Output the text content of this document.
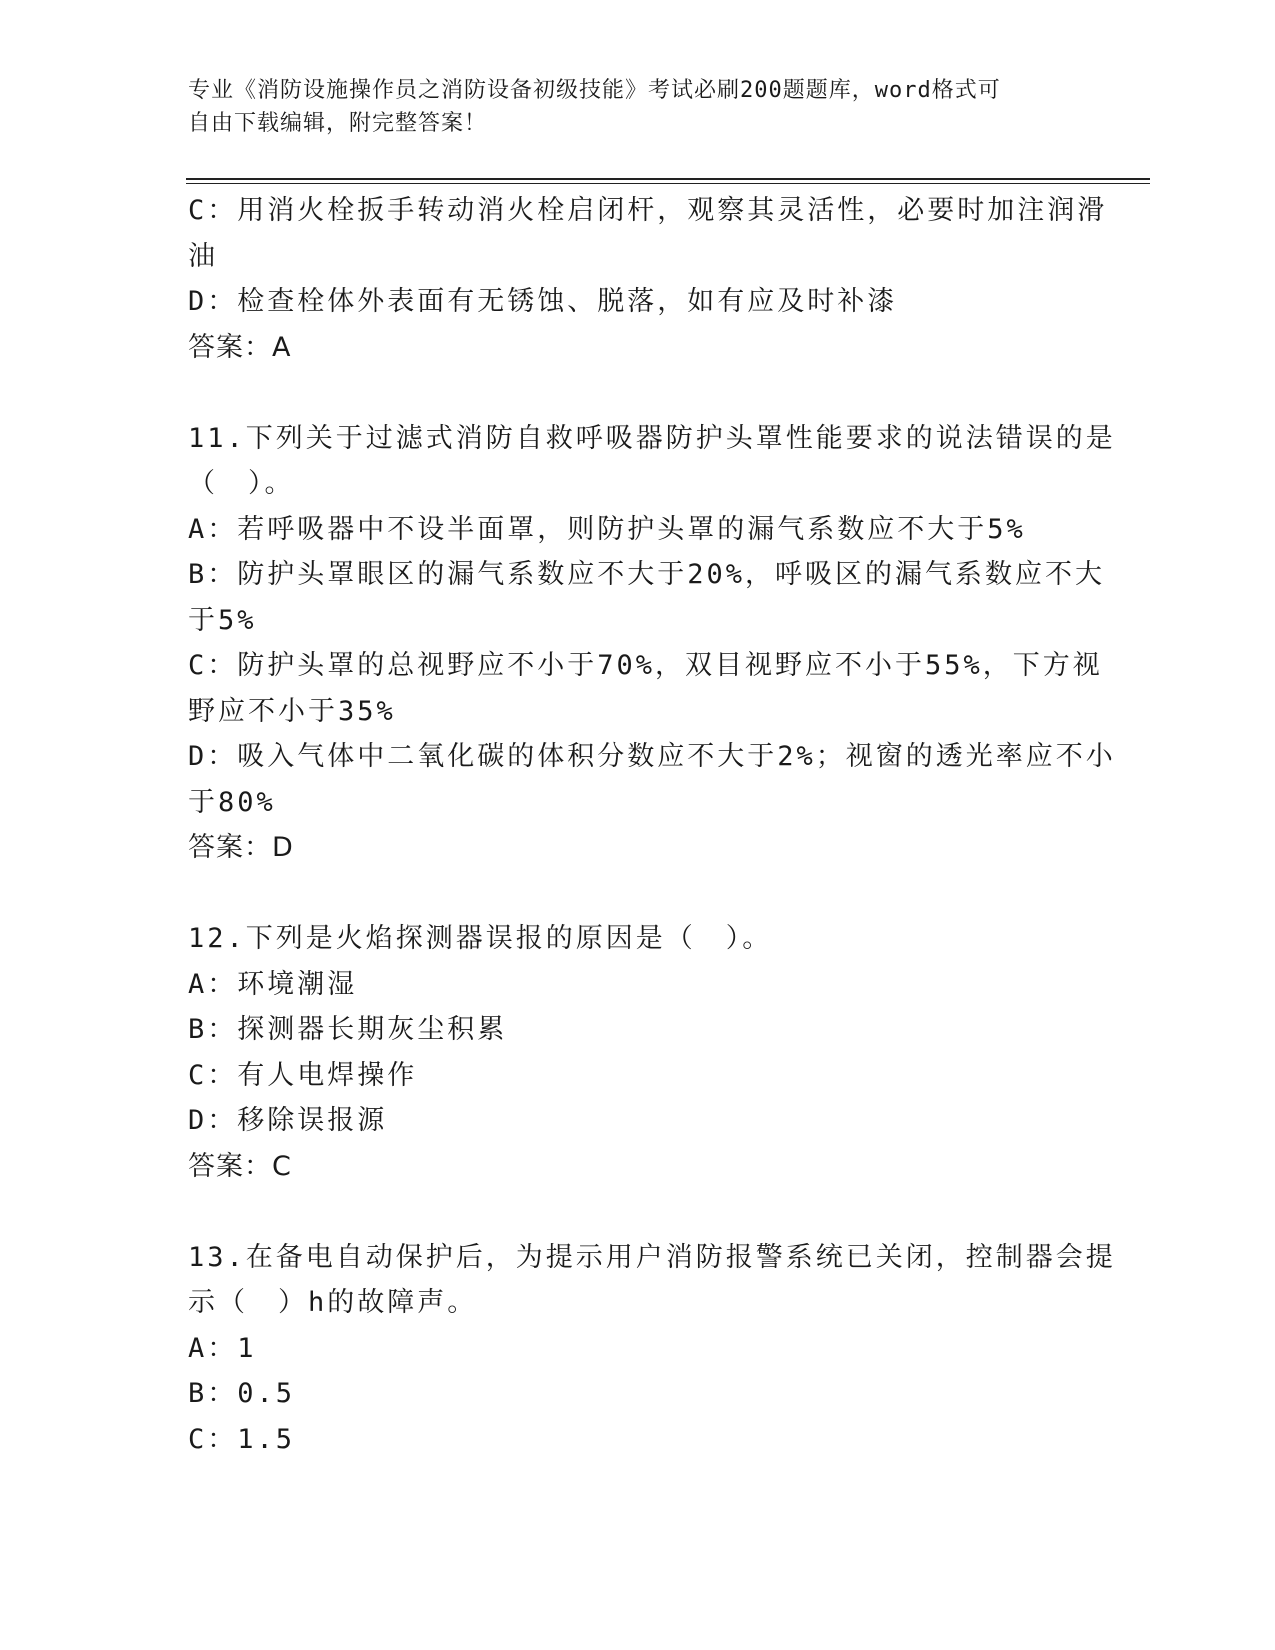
专业《消防设施操作员之消防设备初级技能》考试必刷200题题库，word格式可
自由下载编辑，附完整答案！
C：用消火栓扳手转动消火栓启闭杆，观察其灵活性，必要时加注润滑
油
D：检查栓体外表面有无锈蚀、脱落，如有应及时补漆
答案：A
11.下列关于过滤式消防自救呼吸器防护头罩性能要求的说法错误的是
（　）。
A：若呼吸器中不设半面罩，则防护头罩的漏气系数应不大于5%
B：防护头罩眼区的漏气系数应不大于20%，呼吸区的漏气系数应不大
于5%
C：防护头罩的总视野应不小于70%，双目视野应不小于55%，下方视
野应不小于35%
D：吸入气体中二氧化碳的体积分数应不大于2%；视窗的透光率应不小
于80%
答案：D
12.下列是火焰探测器误报的原因是（　）。
A：环境潮湿
B：探测器长期灰尘积累
C：有人电焊操作
D：移除误报源
答案：C
13.在备电自动保护后，为提示用户消防报警系统已关闭，控制器会提
示（　）h的故障声。
A：1
B：0.5
C：1.5
